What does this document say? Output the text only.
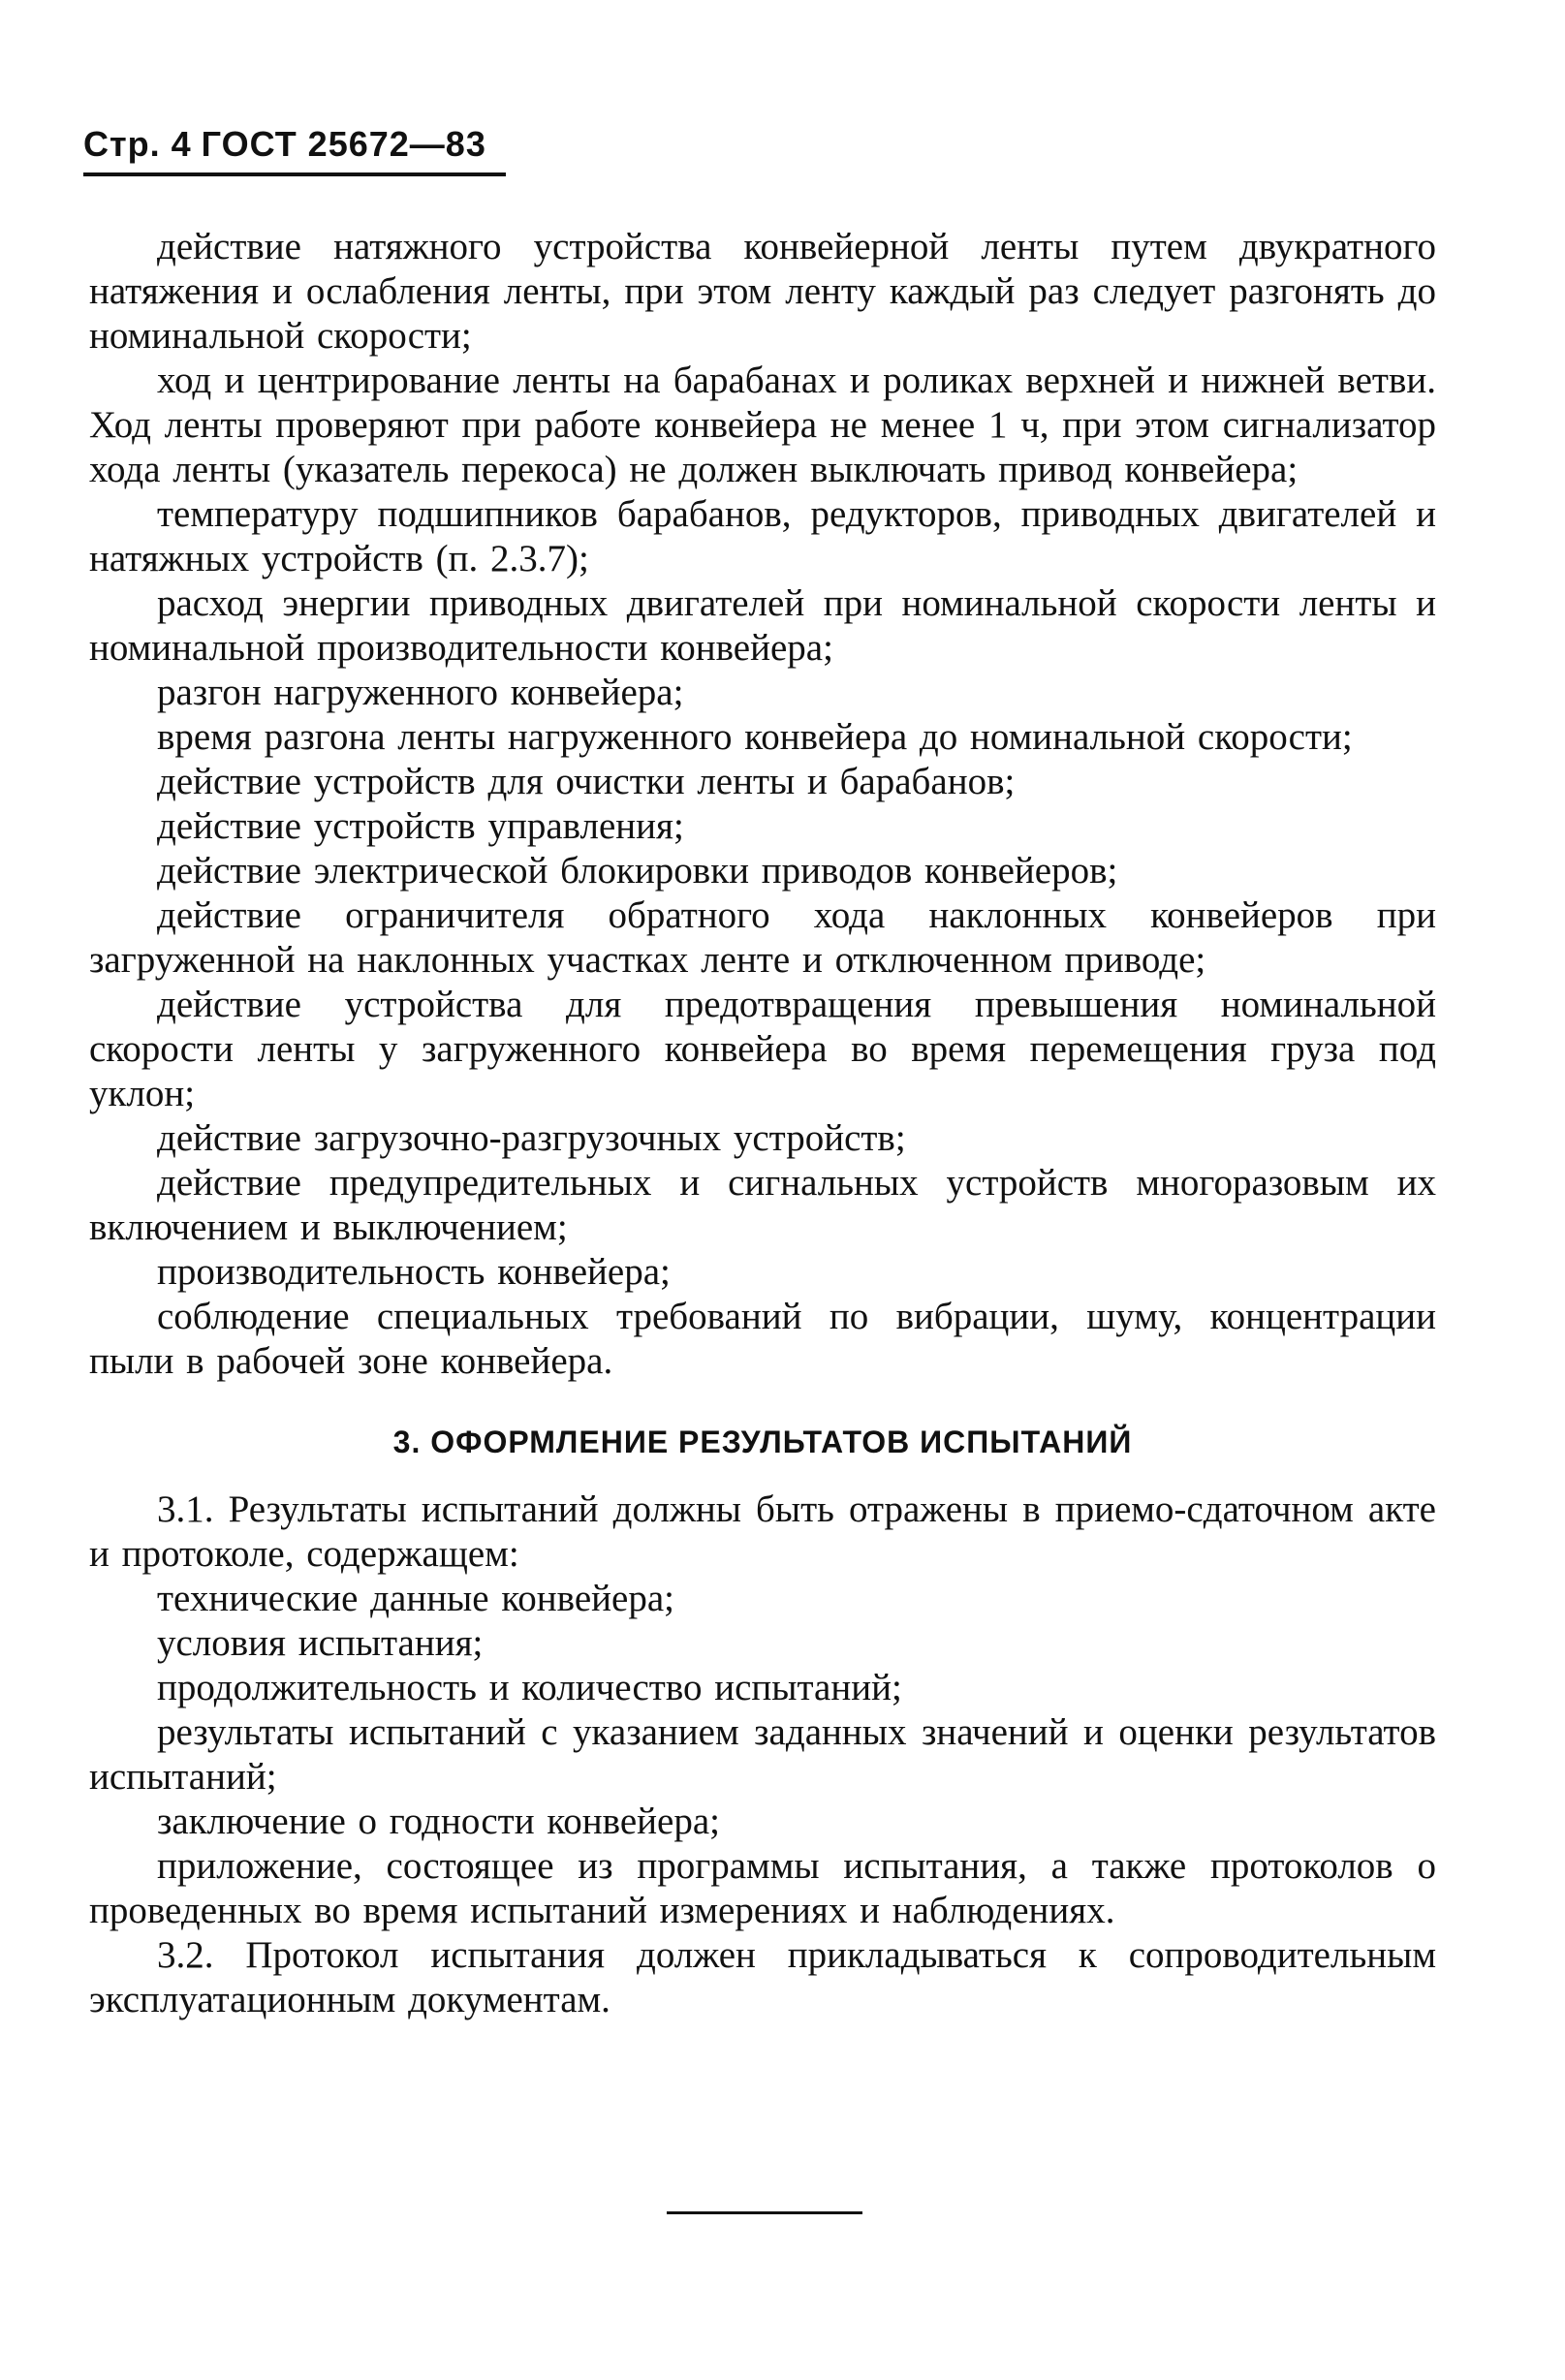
Стр. 4 ГОСТ 25672—83

действие натяжного устройства конвейерной ленты путем двукратного натяжения и ослабления ленты, при этом ленту каждый раз следует разгонять до номинальной скорости;

ход и центрирование ленты на барабанах и роликах верхней и нижней ветви. Ход ленты проверяют при работе конвейера не менее 1 ч, при этом сигнализатор хода ленты (указатель перекоса) не должен выключать привод конвейера;

температуру подшипников барабанов, редукторов, приводных двигателей и натяжных устройств (п. 2.3.7);

расход энергии приводных двигателей при номинальной скорости ленты и номинальной производительности конвейера;

разгон нагруженного конвейера;

время разгона ленты нагруженного конвейера до номинальной скорости;

действие устройств для очистки ленты и барабанов;

действие устройств управления;

действие электрической блокировки приводов конвейеров;

действие ограничителя обратного хода наклонных конвейеров при загруженной на наклонных участках ленте и отключенном приводе;

действие устройства для предотвращения превышения номинальной скорости ленты у загруженного конвейера во время перемещения груза под уклон;

действие загрузочно-разгрузочных устройств;

действие предупредительных и сигнальных устройств многоразовым их включением и выключением;

производительность конвейера;

соблюдение специальных требований по вибрации, шуму, концентрации пыли в рабочей зоне конвейера.

3. ОФОРМЛЕНИЕ РЕЗУЛЬТАТОВ ИСПЫТАНИЙ

3.1. Результаты испытаний должны быть отражены в приемо-сдаточном акте и протоколе, содержащем:

технические данные конвейера;

условия испытания;

продолжительность и количество испытаний;

результаты испытаний с указанием заданных значений и оценки результатов испытаний;

заключение о годности конвейера;

приложение, состоящее из программы испытания, а также протоколов о проведенных во время испытаний измерениях и наблюдениях.

3.2. Протокол испытания должен прикладываться к сопроводительным эксплуатационным документам.
